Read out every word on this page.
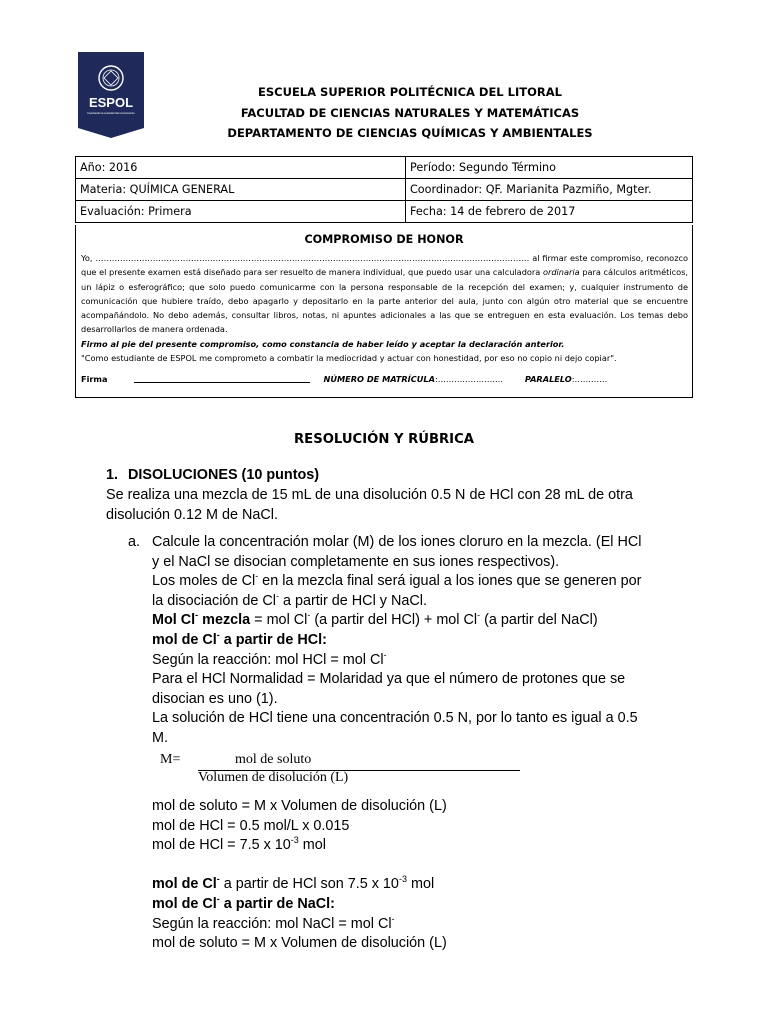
ESPOL
Impulsando la sociedad del conocimiento
ESCUELA SUPERIOR POLITÉCNICA DEL LITORAL
FACULTAD DE CIENCIAS NATURALES Y MATEMÁTICAS
DEPARTAMENTO DE CIENCIAS QUÍMICAS Y AMBIENTALES
Año: 2016	Período: Segundo Término
Materia: QUÍMICA GENERAL	Coordinador: QF. Marianita Pazmiño, Mgter.
Evaluación: Primera	Fecha: 14 de febrero de 2017
COMPROMISO DE HONOR

Yo, …………………………………………………………………………………………………………………………………………… al firmar este compromiso, reconozco que el presente examen está diseñado para ser resuelto de manera individual, que puedo usar una calculadora ordinaria para cálculos aritméticos, un lápiz o esferográfico; que solo puedo comunicarme con la persona responsable de la recepción del examen; y, cualquier instrumento de comunicación que hubiere traído, debo apagarlo y depositarlo en la parte anterior del aula, junto con algún otro material que se encuentre acompañándolo. No debo además, consultar libros, notas, ni apuntes adicionales a las que se entreguen en esta evaluación. Los temas debo desarrollarlos de manera ordenada.

Firmo al pie del presente compromiso, como constancia de haber leído y aceptar la declaración anterior.

"Como estudiante de ESPOL me comprometo a combatir la mediocridad y actuar con honestidad, por eso no copio ni dejo copiar".

Firma	NÚMERO DE MATRÍCULA:……………….…..	PARALELO:…………
RESOLUCIÓN Y RÚBRICA

1. DISOLUCIONES (10 puntos)

Se realiza una mezcla de 15 mL de una disolución 0.5 N de HCl con 28 mL de otra

disolución 0.12 M de NaCl.

a. Calcule la concentración molar (M) de los iones cloruro en la mezcla. (El HCl

y el NaCl se disocian completamente en sus iones respectivos).

Los moles de Cl- en la mezcla final será igual a los iones que se generen por

la disociación de Cl- a partir de HCl y NaCl.

Mol Cl- mezcla = mol Cl- (a partir del HCl) + mol Cl- (a partir del NaCl)

mol de Cl- a partir de HCl:

Según la reacción: mol HCl = mol Cl-

Para el HCl Normalidad = Molaridad ya que el número de protones que se

disocian es uno (1).

La solución de HCl tiene una concentración 0.5 N, por lo tanto es igual a 0.5

M.

M=	mol de soluto
Volumen de disolución (L)

mol de soluto = M x Volumen de disolución (L)

mol de HCl = 0.5 mol/L x 0.015

mol de HCl = 7.5 x $10^{-3}$ mol

mol de Cl- a partir de HCl son 7.5 x $10^{-3}$ mol

mol de Cl- a partir de NaCl:

Según la reacción: mol NaCl = mol Cl-

mol de soluto = M x Volumen de disolución (L)
